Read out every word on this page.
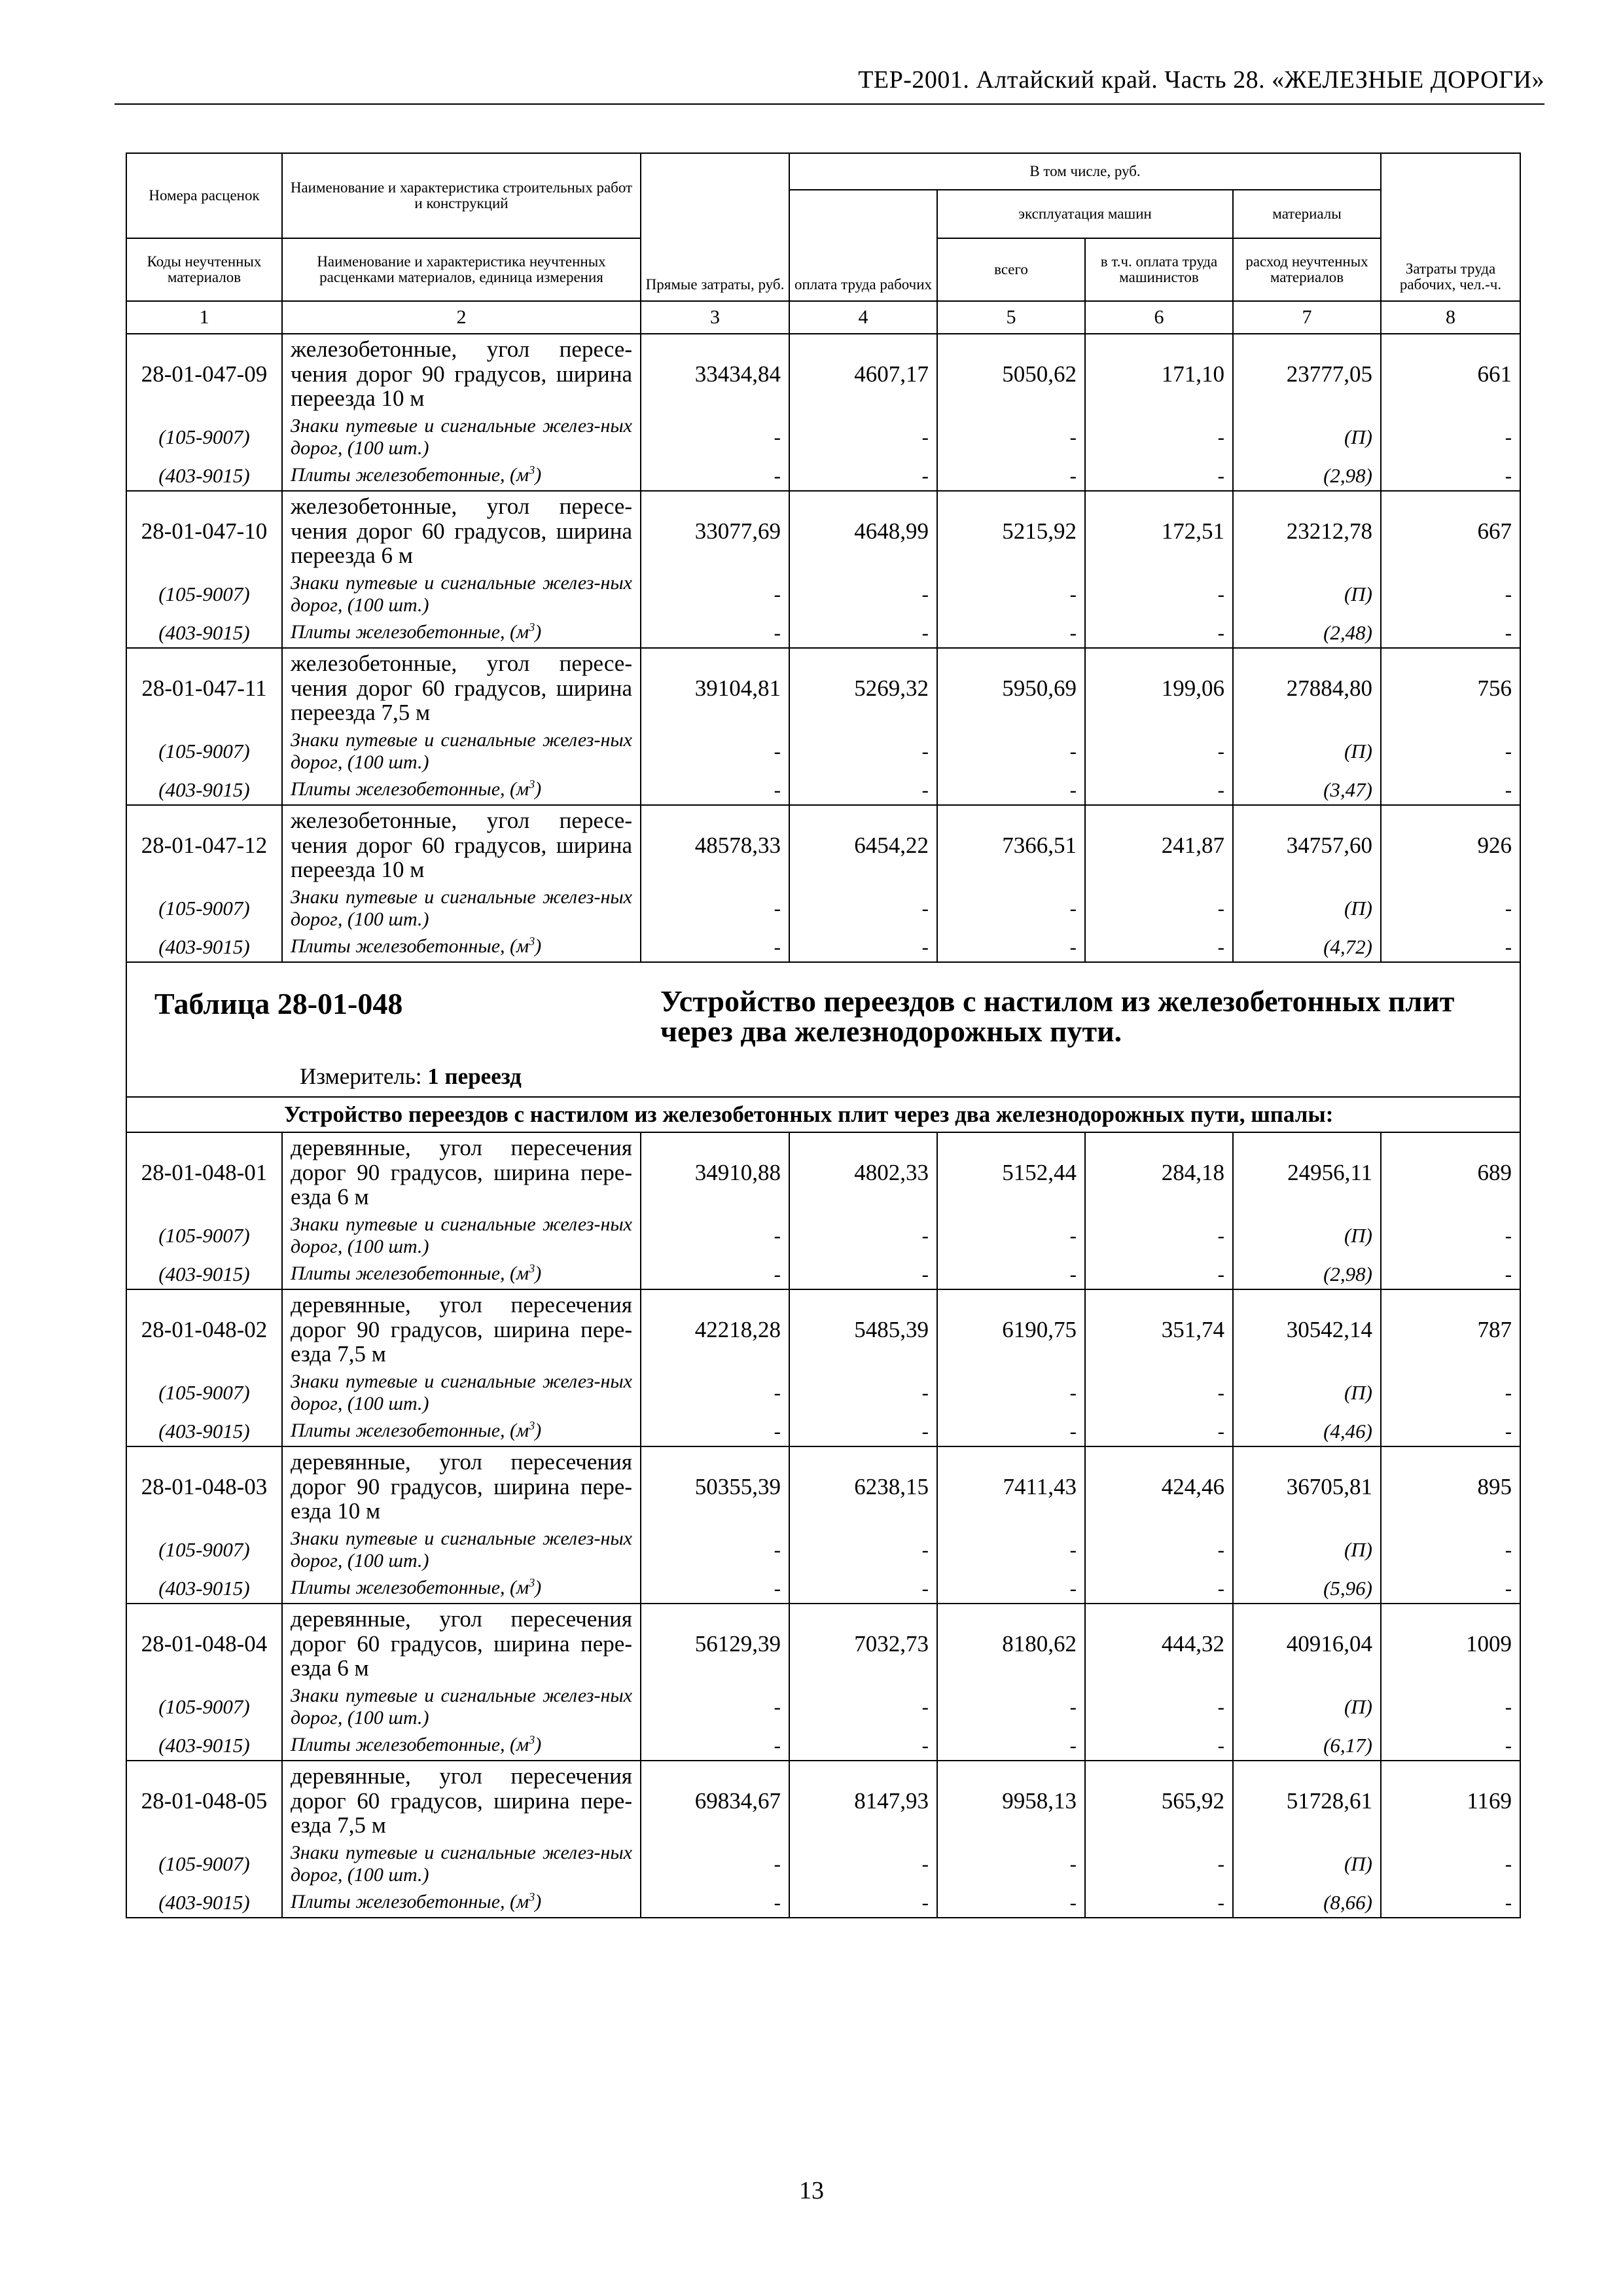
ТЕР-2001. Алтайский край. Часть 28. «ЖЕЛЕЗНЫЕ ДОРОГИ»
Номера расценок	Наименование и характеристика строительных работ и конструкций	Прямые затраты, руб.	В том числе, руб.				Затраты труда рабочих, чел.-ч.
			оплата труда рабочих	эксплуатация машин		материалы	
Коды неучтенных материалов	Наименование и характеристика неучтенных расценками материалов, единица измерения			всего	в т.ч. оплата труда машинистов	расход неучтенных материалов	
1	2	3	4	5	6	7	8
28-01-047-09	железобетонные, угол пересе-чения дорог 90 градусов, ширина переезда 10 м	33434,84	4607,17	5050,62	171,10	23777,05	661
(105-9007)	Знаки путевые и сигнальные желез-ных дорог, (100 шт.)	-	-	-	-	(П)	-
(403-9015)	Плиты железобетонные, $(м^3)$	-	-	-	-	(2,98)	-
28-01-047-10	железобетонные, угол пересе-чения дорог 60 градусов, ширина переезда 6 м	33077,69	4648,99	5215,92	172,51	23212,78	667
(105-9007)	Знаки путевые и сигнальные желез-ных дорог, (100 шт.)	-	-	-	-	(П)	-
(403-9015)	Плиты железобетонные, $(м^3)$	-	-	-	-	(2,48)	-
28-01-047-11	железобетонные, угол пересе-чения дорог 60 градусов, ширина переезда 7,5 м	39104,81	5269,32	5950,69	199,06	27884,80	756
(105-9007)	Знаки путевые и сигнальные желез-ных дорог, (100 шт.)	-	-	-	-	(П)	-
(403-9015)	Плиты железобетонные, $(м^3)$	-	-	-	-	(3,47)	-
28-01-047-12	железобетонные, угол пересе-чения дорог 60 градусов, ширина переезда 10 м	48578,33	6454,22	7366,51	241,87	34757,60	926
(105-9007)	Знаки путевые и сигнальные желез-ных дорог, (100 шт.)	-	-	-	-	(П)	-
(403-9015)	Плиты железобетонные, $(м^3)$	-	-	-	-	(4,72)	-

Таблица 28-01-048 Устройство переездов с настилом из железобетонных плит через два железнодорожных пути.
Измеритель: 1 переезд							

Устройство переездов с настилом из железобетонных плит через два железнодорожных пути, шпалы:							
28-01-048-01	деревянные, угол пересечения дорог 90 градусов, ширина пере-езда 6 м	34910,88	4802,33	5152,44	284,18	24956,11	689
(105-9007)	Знаки путевые и сигнальные желез-ных дорог, (100 шт.)	-	-	-	-	(П)	-
(403-9015)	Плиты железобетонные, $(м^3)$	-	-	-	-	(2,98)	-
28-01-048-02	деревянные, угол пересечения дорог 90 градусов, ширина пере-езда 7,5 м	42218,28	5485,39	6190,75	351,74	30542,14	787
(105-9007)	Знаки путевые и сигнальные желез-ных дорог, (100 шт.)	-	-	-	-	(П)	-
(403-9015)	Плиты железобетонные, $(м^3)$	-	-	-	-	(4,46)	-
28-01-048-03	деревянные, угол пересечения дорог 90 градусов, ширина пере-езда 10 м	50355,39	6238,15	7411,43	424,46	36705,81	895
(105-9007)	Знаки путевые и сигнальные желез-ных дорог, (100 шт.)	-	-	-	-	(П)	-
(403-9015)	Плиты железобетонные, $(м^3)$	-	-	-	-	(5,96)	-
28-01-048-04	деревянные, угол пересечения дорог 60 градусов, ширина пере-езда 6 м	56129,39	7032,73	8180,62	444,32	40916,04	1009
(105-9007)	Знаки путевые и сигнальные желез-ных дорог, (100 шт.)	-	-	-	-	(П)	-
(403-9015)	Плиты железобетонные, $(м^3)$	-	-	-	-	(6,17)	-
28-01-048-05	деревянные, угол пересечения дорог 60 градусов, ширина пере-езда 7,5 м	69834,67	8147,93	9958,13	565,92	51728,61	1169
(105-9007)	Знаки путевые и сигнальные желез-ных дорог, (100 шт.)	-	-	-	-	(П)	-
(403-9015)	Плиты железобетонные, $(м^3)$	-	-	-	-	(8,66)	-
13
